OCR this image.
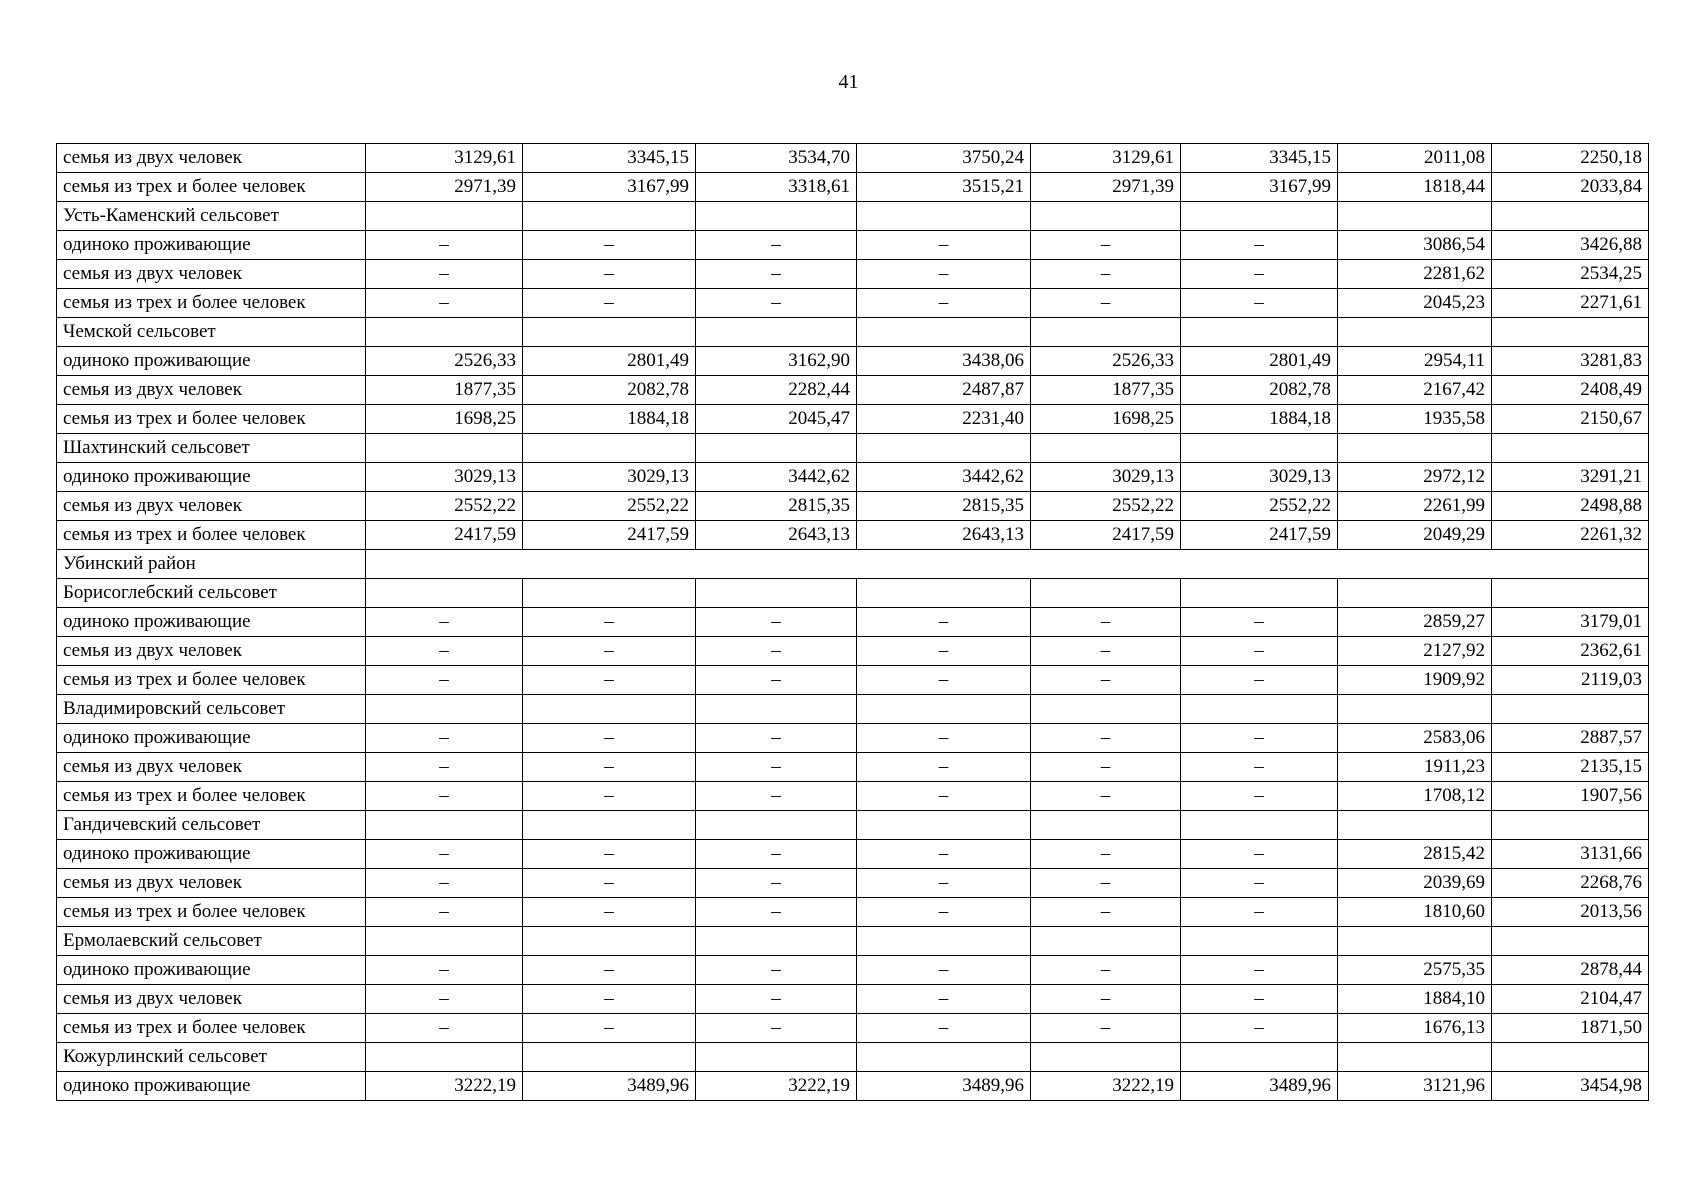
41
семья из двух человек	3129,61	3345,15	3534,70	3750,24	3129,61	3345,15	2011,08	2250,18
семья из трех и более человек	2971,39	3167,99	3318,61	3515,21	2971,39	3167,99	1818,44	2033,84
Усть-Каменский сельсовет								
одиноко проживающие	–	–	–	–	–	–	3086,54	3426,88
семья из двух человек	–	–	–	–	–	–	2281,62	2534,25
семья из трех и более человек	–	–	–	–	–	–	2045,23	2271,61
Чемской сельсовет								
одиноко проживающие	2526,33	2801,49	3162,90	3438,06	2526,33	2801,49	2954,11	3281,83
семья из двух человек	1877,35	2082,78	2282,44	2487,87	1877,35	2082,78	2167,42	2408,49
семья из трех и более человек	1698,25	1884,18	2045,47	2231,40	1698,25	1884,18	1935,58	2150,67
Шахтинский сельсовет								
одиноко проживающие	3029,13	3029,13	3442,62	3442,62	3029,13	3029,13	2972,12	3291,21
семья из двух человек	2552,22	2552,22	2815,35	2815,35	2552,22	2552,22	2261,99	2498,88
семья из трех и более человек	2417,59	2417,59	2643,13	2643,13	2417,59	2417,59	2049,29	2261,32
Убинский район								
Борисоглебский сельсовет								
одиноко проживающие	–	–	–	–	–	–	2859,27	3179,01
семья из двух человек	–	–	–	–	–	–	2127,92	2362,61
семья из трех и более человек	–	–	–	–	–	–	1909,92	2119,03
Владимировский сельсовет								
одиноко проживающие	–	–	–	–	–	–	2583,06	2887,57
семья из двух человек	–	–	–	–	–	–	1911,23	2135,15
семья из трех и более человек	–	–	–	–	–	–	1708,12	1907,56
Гандичевский сельсовет								
одиноко проживающие	–	–	–	–	–	–	2815,42	3131,66
семья из двух человек	–	–	–	–	–	–	2039,69	2268,76
семья из трех и более человек	–	–	–	–	–	–	1810,60	2013,56
Ермолаевский сельсовет								
одиноко проживающие	–	–	–	–	–	–	2575,35	2878,44
семья из двух человек	–	–	–	–	–	–	1884,10	2104,47
семья из трех и более человек	–	–	–	–	–	–	1676,13	1871,50
Кожурлинский сельсовет								
одиноко проживающие	3222,19	3489,96	3222,19	3489,96	3222,19	3489,96	3121,96	3454,98
